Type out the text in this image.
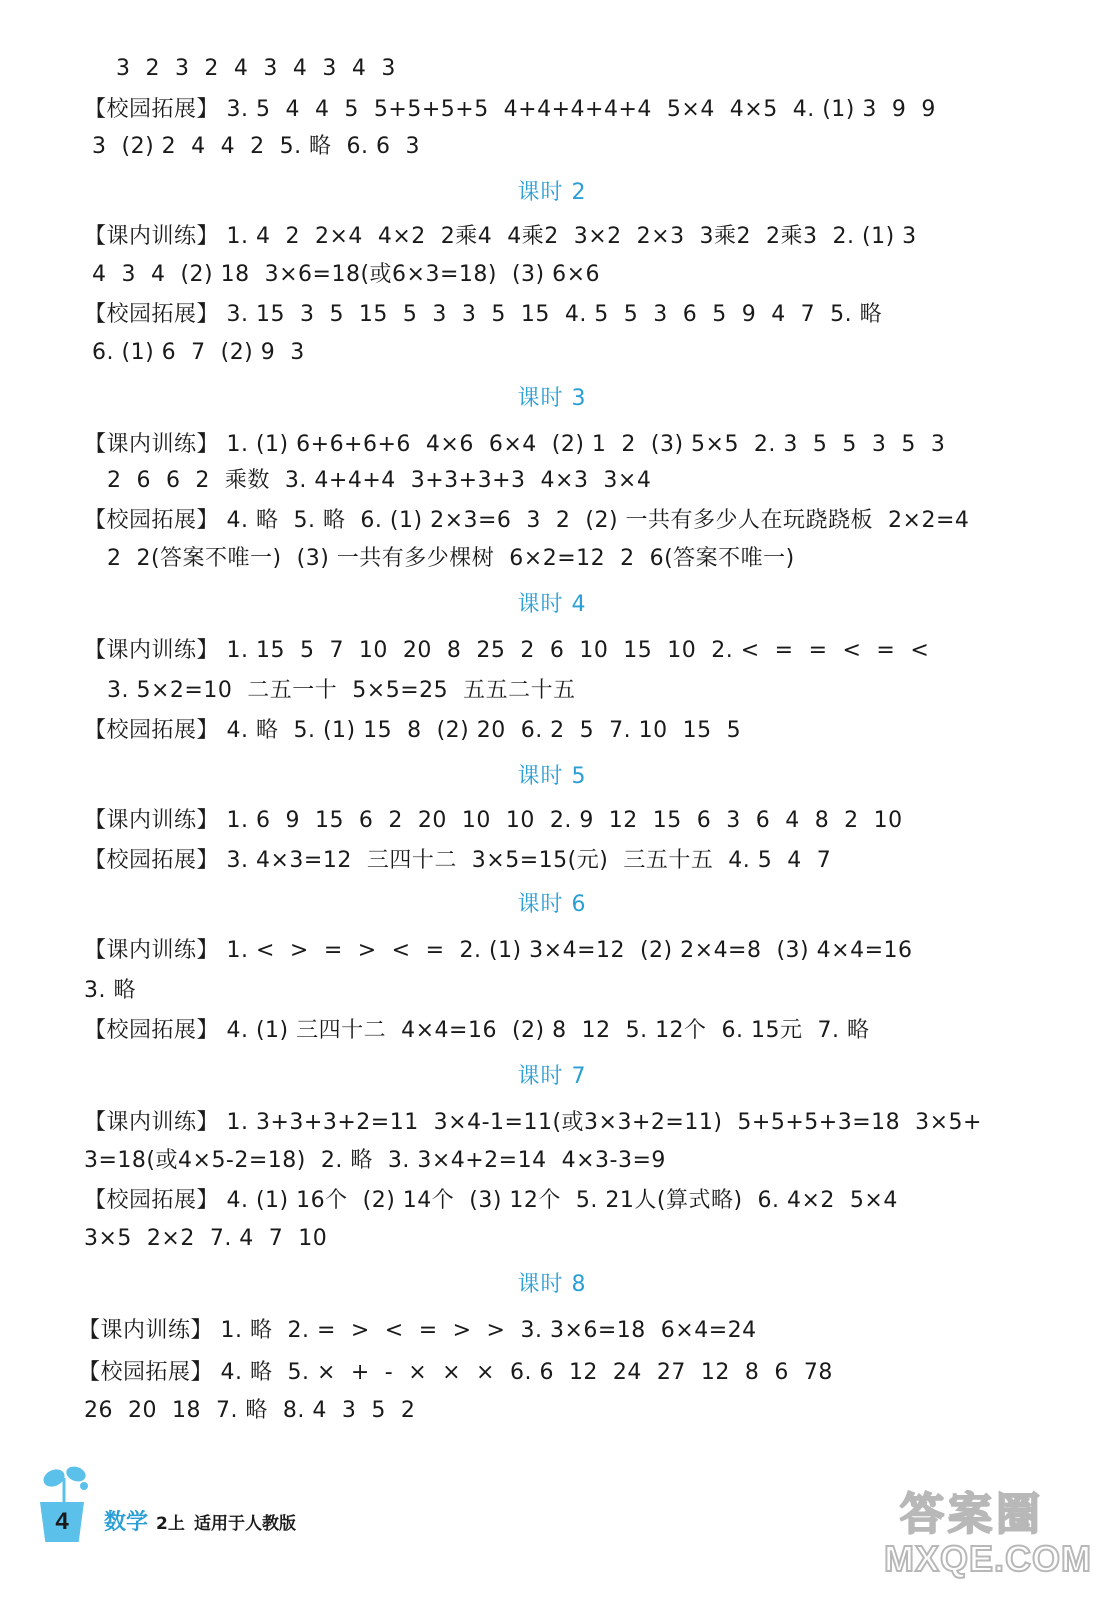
3  2  3  2  4  3  4  3  4  3
【校园拓展】 3. 5  4  4  5  5+5+5+5  4+4+4+4+4  5×4  4×5  4. (1) 3  9  9
3  (2) 2  4  4  2  5. 略  6. 6  3
课时 2
【课内训练】 1. 4  2  2×4  4×2  2乘4  4乘2  3×2  2×3  3乘2  2乘3  2. (1) 3
4  3  4  (2) 18  3×6=18(或6×3=18)  (3) 6×6
【校园拓展】 3. 15  3  5  15  5  3  3  5  15  4. 5  5  3  6  5  9  4  7  5. 略
6. (1) 6  7  (2) 9  3
课时 3
【课内训练】 1. (1) 6+6+6+6  4×6  6×4  (2) 1  2  (3) 5×5  2. 3  5  5  3  5  3
2  6  6  2  乘数  3. 4+4+4  3+3+3+3  4×3  3×4
【校园拓展】 4. 略  5. 略  6. (1) 2×3=6  3  2  (2) 一共有多少人在玩跷跷板  2×2=4
2  2(答案不唯一)  (3) 一共有多少棵树  6×2=12  2  6(答案不唯一)
课时 4
【课内训练】 1. 15  5  7  10  20  8  25  2  6  10  15  10  2. <  =  =  <  =  <
3. 5×2=10  二五一十  5×5=25  五五二十五
【校园拓展】 4. 略  5. (1) 15  8  (2) 20  6. 2  5  7. 10  15  5
课时 5
【课内训练】 1. 6  9  15  6  2  20  10  10  2. 9  12  15  6  3  6  4  8  2  10
【校园拓展】 3. 4×3=12  三四十二  3×5=15(元)  三五十五  4. 5  4  7
课时 6
【课内训练】 1. <  >  =  >  <  =  2. (1) 3×4=12  (2) 2×4=8  (3) 4×4=16
3. 略
【校园拓展】 4. (1) 三四十二  4×4=16  (2) 8  12  5. 12个  6. 15元  7. 略
课时 7
【课内训练】 1. 3+3+3+2=11  3×4-1=11(或3×3+2=11)  5+5+5+3=18  3×5+
3=18(或4×5-2=18)  2. 略  3. 3×4+2=14  4×3-3=9
【校园拓展】 4. (1) 16个  (2) 14个  (3) 12个  5. 21人(算式略)  6. 4×2  5×4
3×5  2×2  7. 4  7  10
课时 8
【课内训练】 1. 略  2. =  >  <  =  >  >  3. 3×6=18  6×4=24
【校园拓展】 4. 略  5. ×  +  -  ×  ×  ×  6. 6  12  24  27  12  8  6  78
26  20  18  7. 略  8. 4  3  5  2
4	数学 2上 适用于人教版	答案圈
MXQE.COM
